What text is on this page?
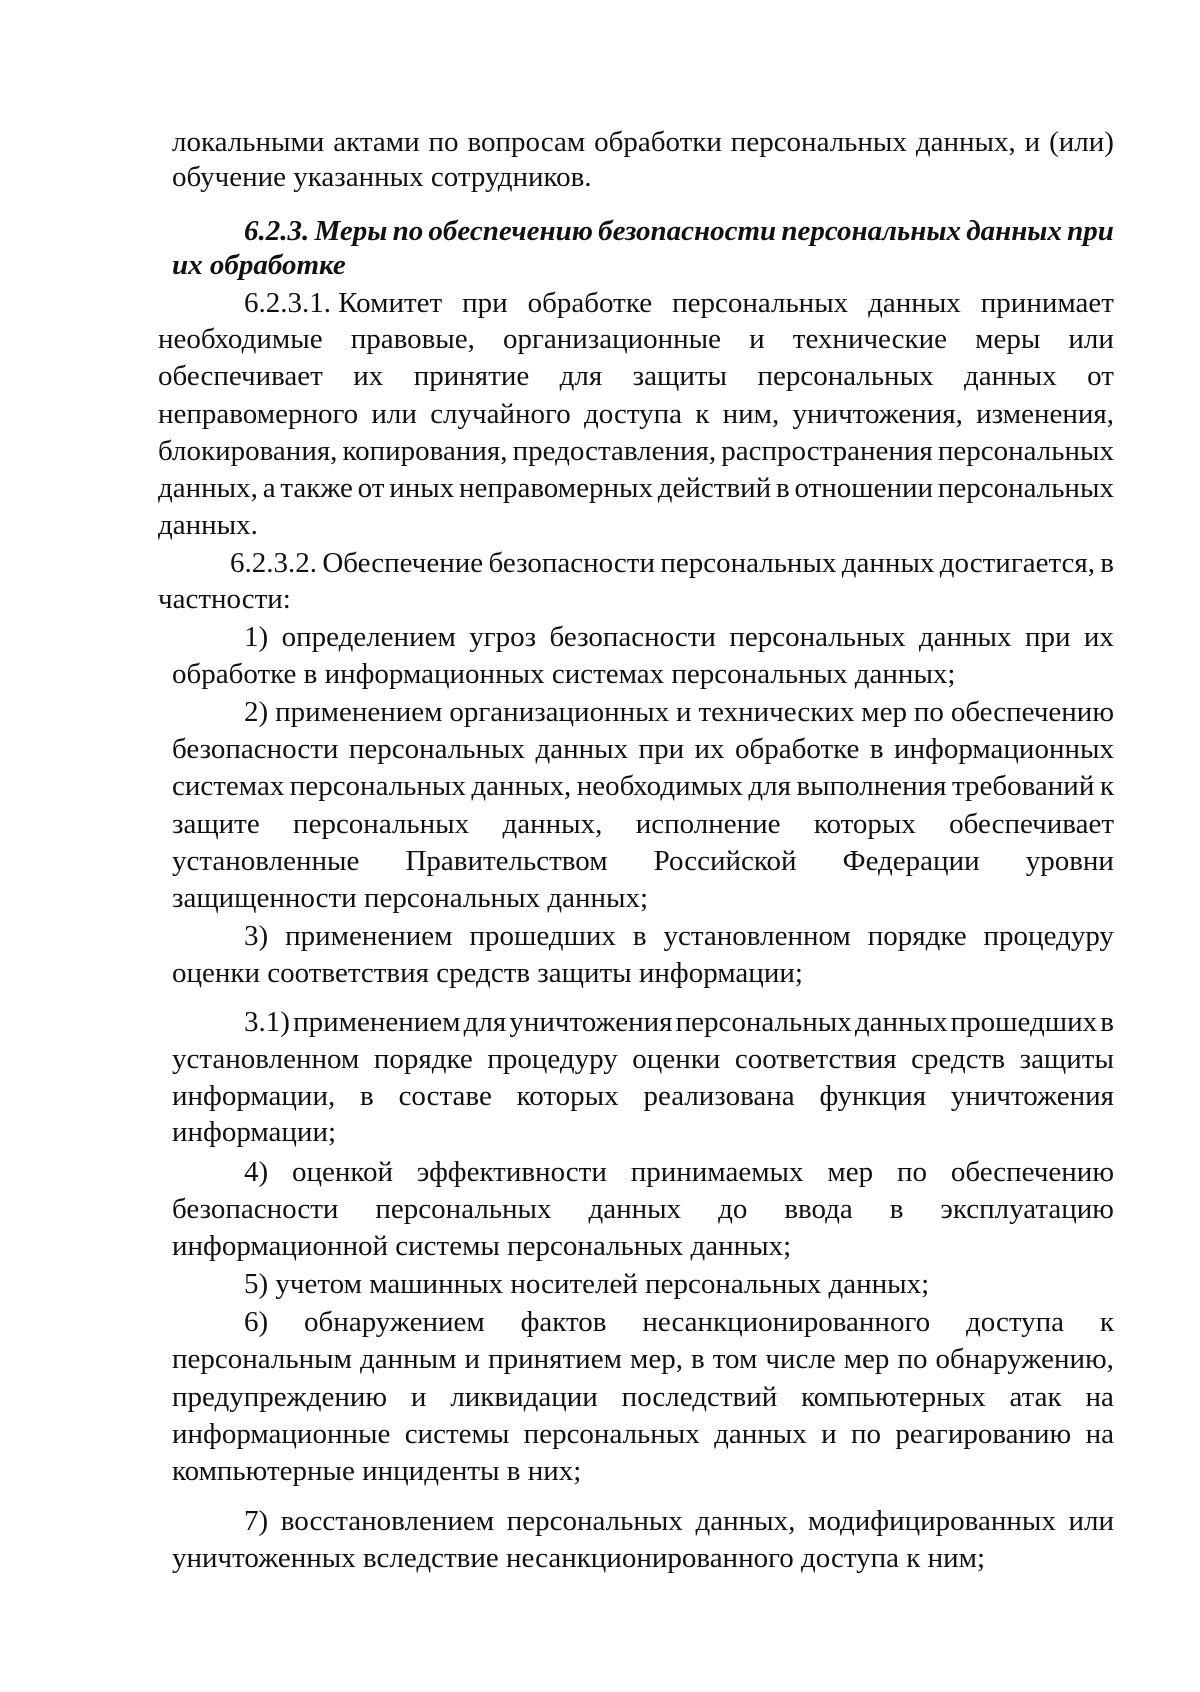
локальными актами по вопросам обработки персональных данных, и (или)
обучение указанных сотрудников.
6.2.3. Меры по обеспечению безопасности персональных данных при
их обработке
6.2.3.1. Комитет при обработке персональных данных принимает
необходимые правовые, организационные и технические меры или
обеспечивает их принятие для защиты персональных данных от
неправомерного или случайного доступа к ним, уничтожения, изменения,
блокирования, копирования, предоставления, распространения персональных
данных, а также от иных неправомерных действий в отношении персональных
данных.
6.2.3.2. Обеспечение безопасности персональных данных достигается, в
частности:
1) определением угроз безопасности персональных данных при их
обработке в информационных системах персональных данных;
2) применением организационных и технических мер по обеспечению
безопасности персональных данных при их обработке в информационных
системах персональных данных, необходимых для выполнения требований к
защите персональных данных, исполнение которых обеспечивает
установленные Правительством Российской Федерации уровни
защищенности персональных данных;
3) применением прошедших в установленном порядке процедуру
оценки соответствия средств защиты информации;
3.1) применением для уничтожения персональных данных прошедших в
установленном порядке процедуру оценки соответствия средств защиты
информации, в составе которых реализована функция уничтожения
информации;
4) оценкой эффективности принимаемых мер по обеспечению
безопасности персональных данных до ввода в эксплуатацию
информационной системы персональных данных;
5) учетом машинных носителей персональных данных;
6) обнаружением фактов несанкционированного доступа к
персональным данным и принятием мер, в том числе мер по обнаружению,
предупреждению и ликвидации последствий компьютерных атак на
информационные системы персональных данных и по реагированию на
компьютерные инциденты в них;
7) восстановлением персональных данных, модифицированных или
уничтоженных вследствие несанкционированного доступа к ним;
